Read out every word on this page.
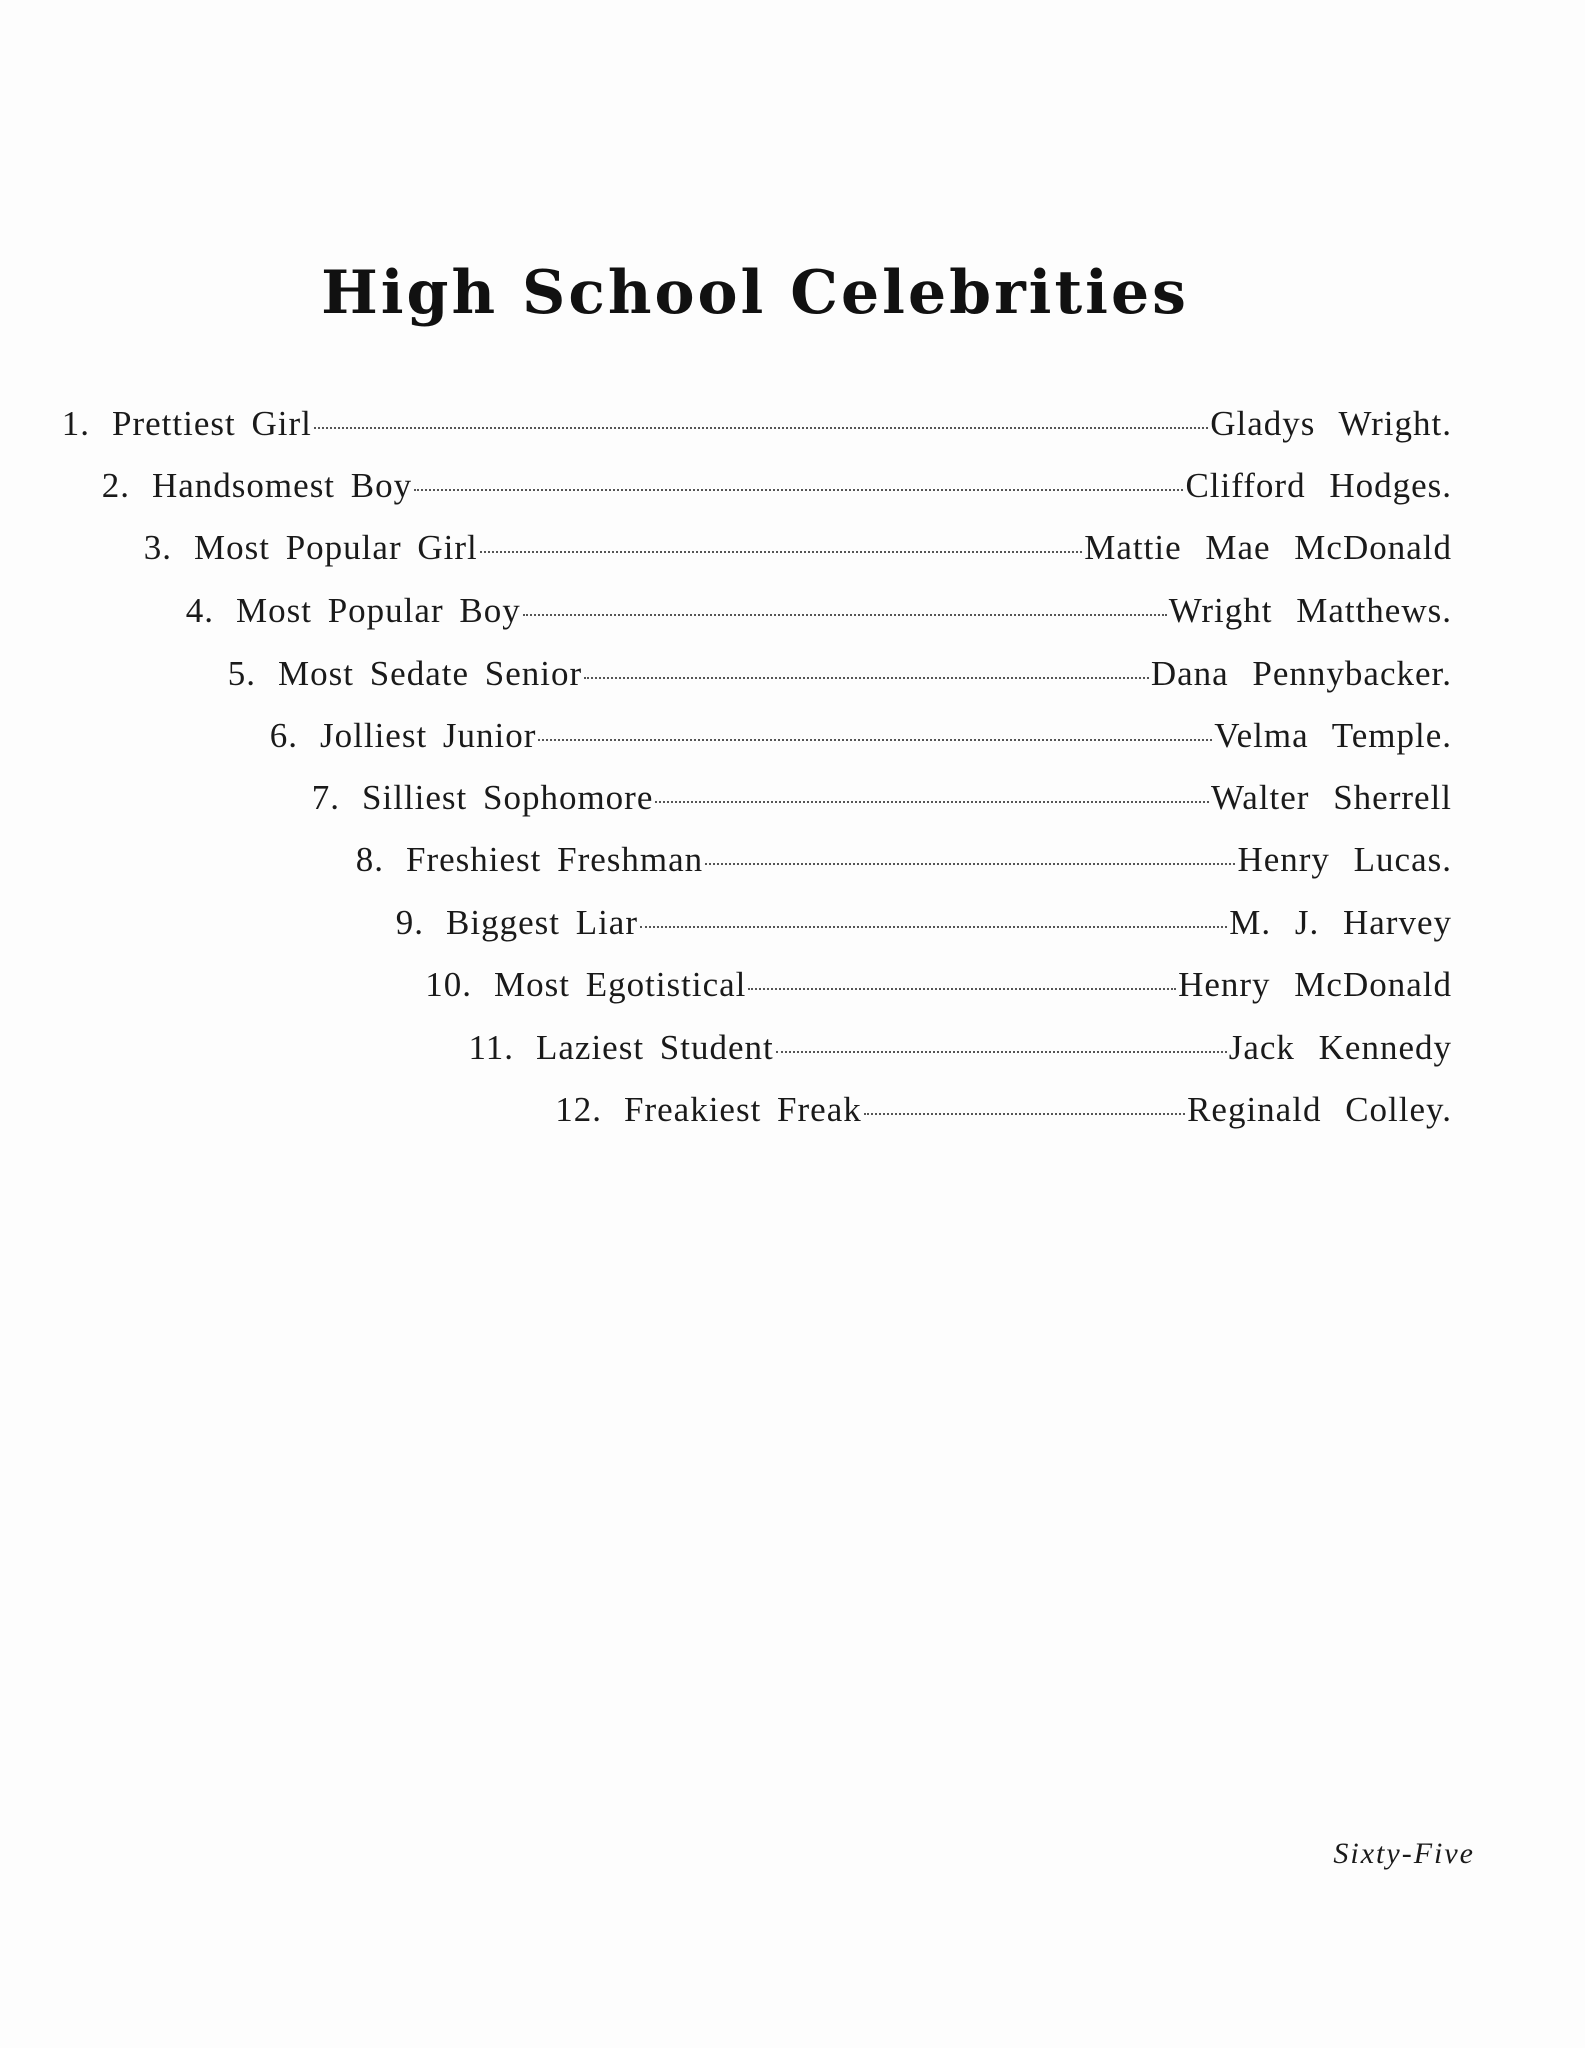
High School Celebrities
1. Prettiest Girl	Gladys Wright.
2. Handsomest Boy	Clifford Hodges.
3. Most Popular Girl	Mattie Mae McDonald
4. Most Popular Boy	Wright Matthews.
5. Most Sedate Senior	Dana Pennybacker.
6. Jolliest Junior	Velma Temple.
7. Silliest Sophomore	Walter Sherrell
8. Freshiest Freshman	Henry Lucas.
9. Biggest Liar	M. J. Harvey
10. Most Egotistical	Henry McDonald
11. Laziest Student	Jack Kennedy
12. Freakiest Freak	Reginald Colley.
Sixty-Five
